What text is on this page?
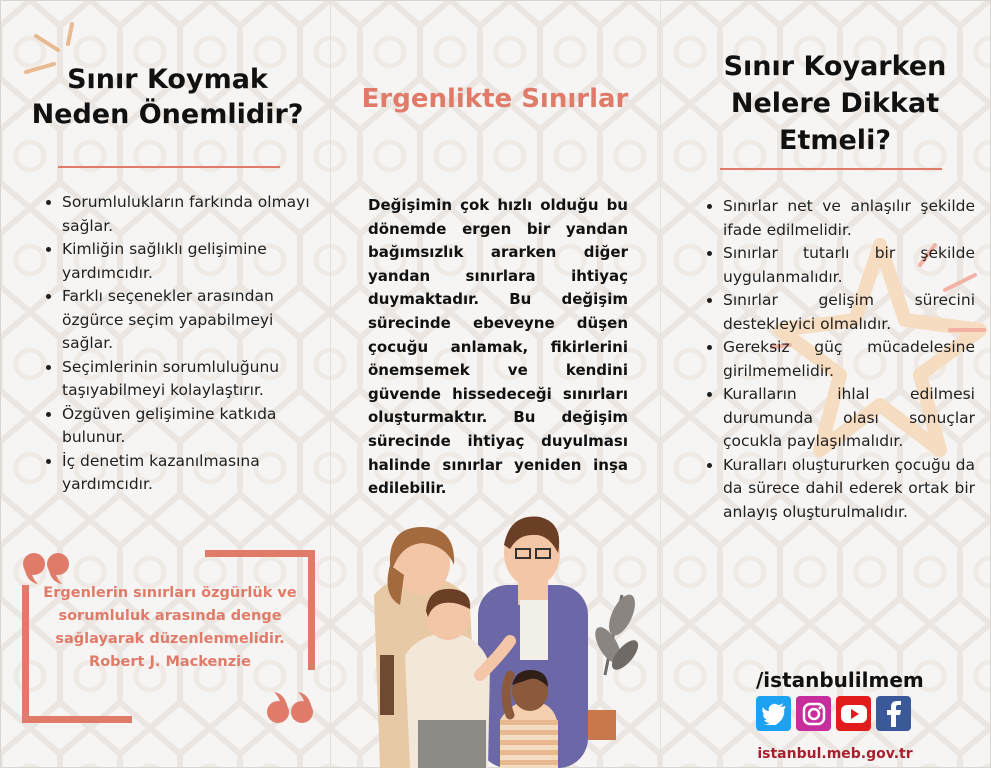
Sınır Koymak Neden Önemlidir?
• Sorumlulukların farkında olmayı sağlar.
• Kimliğin sağlıklı gelişimine yardımcıdır.
• Farklı seçenekler arasından özgürce seçim yapabilmeyi sağlar.
• Seçimlerinin sorumluluğunu taşıyabilmeyi kolaylaştırır.
• Özgüven gelişimine katkıda bulunur.
• İç denetim kazanılmasına yardımcıdır.

Ergenlerin sınırları özgürlük ve sorumluluk arasında denge sağlayarak düzenlenmelidir.
Robert J. Mackenzie

Ergenlikte Sınırlar

Değişimin çok hızlı olduğu bu dönemde ergen bir yandan bağımsızlık ararken diğer yandan sınırlara ihtiyaç duymaktadır. Bu değişim sürecinde ebeveyne düşen çocuğu anlamak, fikirlerini önemsemek ve kendini güvende hissedeceği sınırları oluşturmaktır. Bu değişim sürecinde ihtiyaç duyulması halinde sınırlar yeniden inşa edilebilir.

Sınır Koyarken Nelere Dikkat Etmeli?
• Sınırlar net ve anlaşılır şekilde ifade edilmelidir.
• Sınırlar tutarlı bir şekilde uygulanmalıdır.
• Sınırlar gelişim sürecini destekleyici olmalıdır.
• Gereksiz güç mücadelesine girilmemelidir.
• Kuralların ihlal edilmesi durumunda olası sonuçlar çocukla paylaşılmalıdır.
• Kuralları oluştururken çocuğu da da sürece dahil ederek ortak bir anlayış oluşturulmalıdır.
/istanbulilmem
istanbul.meb.gov.tr
